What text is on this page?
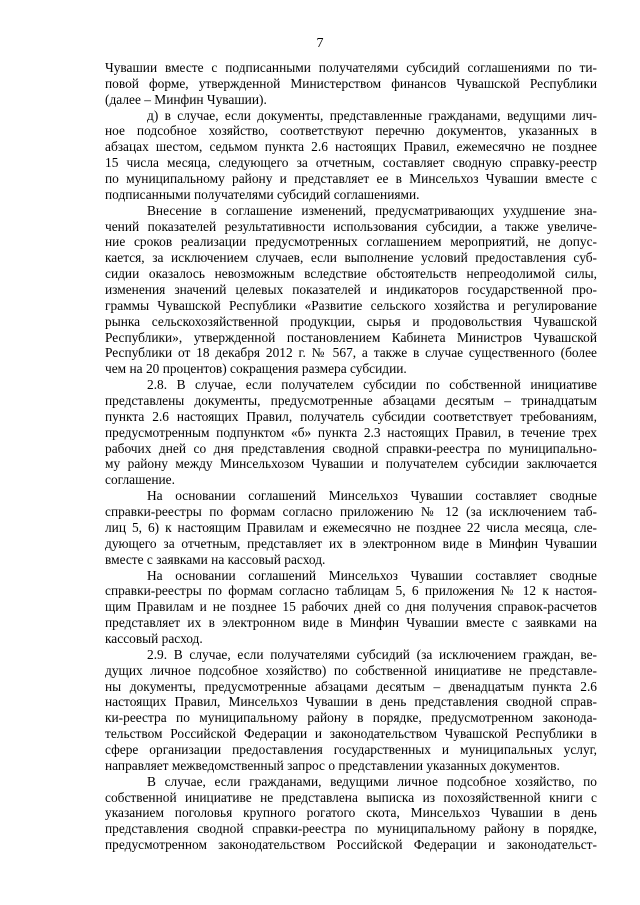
7
Чувашии вместе с подписанными получателями субсидий соглашениями по ти-
повой форме, утвержденной Министерством финансов Чувашской Республики
(далее – Минфин Чувашии).
д) в случае, если документы, представленные гражданами, ведущими лич-
ное подсобное хозяйство, соответствуют перечню документов, указанных в
абзацах шестом, седьмом пункта 2.6 настоящих Правил, ежемесячно не позднее
15 числа месяца, следующего за отчетным, составляет сводную справку-реестр
по муниципальному району и представляет ее в Минсельхоз Чувашии вместе с
подписанными получателями субсидий соглашениями.
Внесение в соглашение изменений, предусматривающих ухудшение зна-
чений показателей результативности использования субсидии, а также увеличе-
ние сроков реализации предусмотренных соглашением мероприятий, не допус-
кается, за исключением случаев, если выполнение условий предоставления суб-
сидии оказалось невозможным вследствие обстоятельств непреодолимой силы,
изменения значений целевых показателей и индикаторов государственной про-
граммы Чувашской Республики «Развитие сельского хозяйства и регулирование
рынка сельскохозяйственной продукции, сырья и продовольствия Чувашской
Республики», утвержденной постановлением Кабинета Министров Чувашской
Республики от 18 декабря 2012 г. № 567, а также в случае существенного (более
чем на 20 процентов) сокращения размера субсидии.
2.8. В случае, если получателем субсидии по собственной инициативе
представлены документы, предусмотренные абзацами десятым – тринадцатым
пункта 2.6 настоящих Правил, получатель субсидии соответствует требованиям,
предусмотренным подпунктом «б» пункта 2.3 настоящих Правил, в течение трех
рабочих дней со дня представления сводной справки-реестра по муниципально-
му району между Минсельхозом Чувашии и получателем субсидии заключается
соглашение.
На основании соглашений Минсельхоз Чувашии составляет сводные
справки-реестры по формам согласно приложению № 12 (за исключением таб-
лиц 5, 6) к настоящим Правилам и ежемесячно не позднее 22 числа месяца, сле-
дующего за отчетным, представляет их в электронном виде в Минфин Чувашии
вместе с заявками на кассовый расход.
На основании соглашений Минсельхоз Чувашии составляет сводные
справки-реестры по формам согласно таблицам 5, 6 приложения № 12 к настоя-
щим Правилам и не позднее 15 рабочих дней со дня получения справок-расчетов
представляет их в электронном виде в Минфин Чувашии вместе с заявками на
кассовый расход.
2.9. В случае, если получателями субсидий (за исключением граждан, ве-
дущих личное подсобное хозяйство) по собственной инициативе не представле-
ны документы, предусмотренные абзацами десятым – двенадцатым пункта 2.6
настоящих Правил, Минсельхоз Чувашии в день представления сводной справ-
ки-реестра по муниципальному району в порядке, предусмотренном законода-
тельством Российской Федерации и законодательством Чувашской Республики в
сфере организации предоставления государственных и муниципальных услуг,
направляет межведомственный запрос о представлении указанных документов.
В случае, если гражданами, ведущими личное подсобное хозяйство, по
собственной инициативе не представлена выписка из похозяйственной книги с
указанием поголовья крупного рогатого скота, Минсельхоз Чувашии в день
представления сводной справки-реестра по муниципальному району в порядке,
предусмотренном законодательством Российской Федерации и законодательст-
